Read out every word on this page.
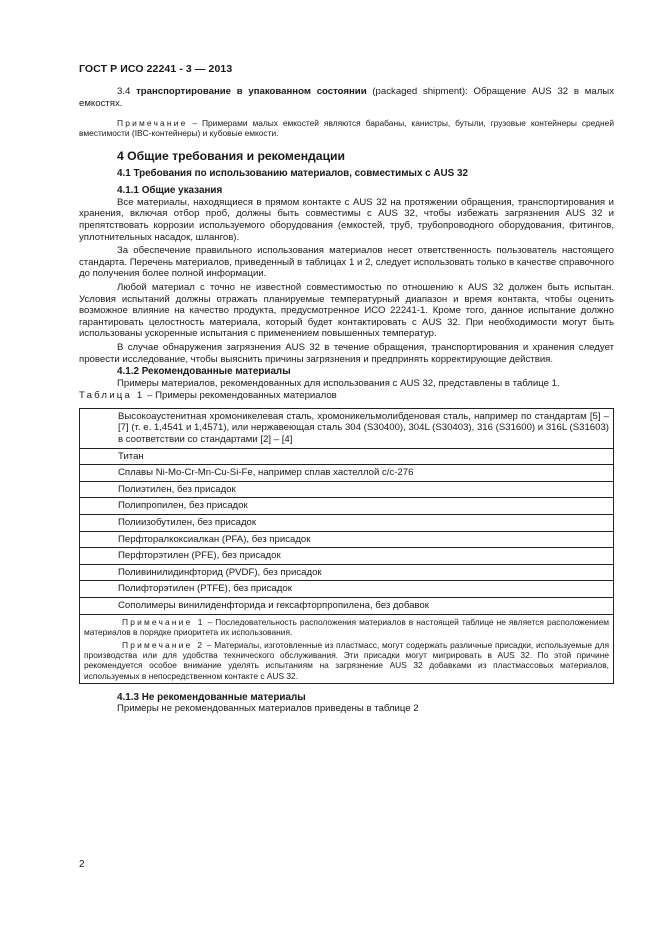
ГОСТ Р ИСО 22241 - 3 — 2013

3.4 транспортирование в упакованном состоянии (packaged shipment): Обращение AUS 32 в малых емкостях.

Примечание – Примерами малых емкостей являются барабаны, канистры, бутыли, грузовые контейнеры средней вместимости (IBC-контейнеры) и кубовые емкости.

4 Общие требования и рекомендации
4.1 Требования по использованию материалов, совместимых с AUS 32
4.1.1 Общие указания

Все материалы, находящиеся в прямом контакте с AUS 32 на протяжении обращения, транспортирования и хранения, включая отбор проб, должны быть совместимы с AUS 32, чтобы избежать загрязнения AUS 32 и препятствовать коррозии используемого оборудования (емкостей, труб, трубопроводного оборудования, фитингов, уплотнительных насадок, шлангов).

За обеспечение правильного использования материалов несет ответственность пользователь настоящего стандарта. Перечень материалов, приведенный в таблицах 1 и 2, следует использовать только в качестве справочного до получения более полной информации.

Любой материал с точно не известной совместимостью по отношению к AUS 32 должен быть испытан. Условия испытаний должны отражать планируемые температурный диапазон и время контакта, чтобы оценить возможное влияние на качество продукта, предусмотренное ИСО 22241-1. Кроме того, данное испытание должно гарантировать целостность материала, который будет контактировать с AUS 32. При необходимости могут быть использованы ускоренные испытания с применением повышенных температур.

В случае обнаружения загрязнения AUS 32 в течение обращения, транспортирования и хранения следует провести исследование, чтобы выяснить причины загрязнения и предпринять корректирующие действия.

4.1.2 Рекомендованные материалы

Примеры материалов, рекомендованных для использования с AUS 32, представлены в таблице 1.

Таблица 1 – Примеры рекомендованных материалов

Высокоаустенитная хромоникелевая сталь, хромоникельмолибденовая сталь, например по стандартам [5] – [7] (т. е. 1,4541 и 1,4571), или нержавеющая сталь 304 (S30400), 304L (S30403), 316 (S31600) и 316L (S31603) в соответствии со стандартами [2] – [4]
Титан
Сплавы Ni-Mo-Cr-Mn-Cu-Si-Fe, например сплав хастеллой с/с-276
Полиэтилен, без присадок
Полипропилен, без присадок
Полиизобутилен, без присадок
Перфторалкоксиалкан (PFA), без присадок
Перфторэтилен (PFE), без присадок
Поливинилидинфторид (PVDF), без присадок
Полифторэтилен (PTFE), без присадок
Сополимеры винилиденфторида и гексафторпропилена, без добавок

Примечание 1 – Последовательность расположения материалов в настоящей таблице не является расположением материалов в порядке приоритета их использования.

Примечание 2 – Материалы, изготовленные из пластмасс, могут содержать различные присадки, используемые для производства или для удобства технического обслуживания. Эти присадки могут мигрировать в AUS 32. По этой причине рекомендуется особое внимание уделять испытаниям на загрязнение AUS 32 добавками из пластмассовых материалов, используемых в непосредственном контакте с AUS 32.

4.1.3 Не рекомендованные материалы

Примеры не рекомендованных материалов приведены в таблице 2

2
